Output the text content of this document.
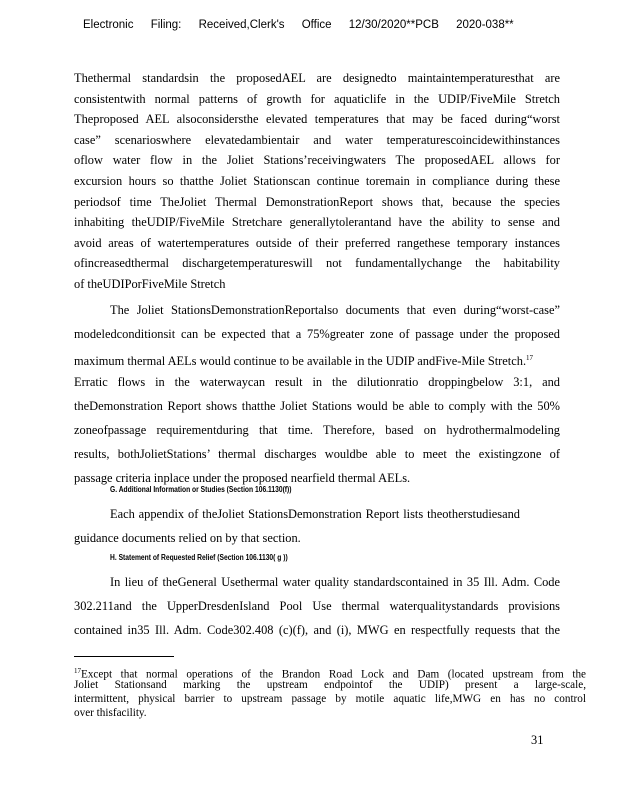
Electronic Filing: Received,Clerk's Office 12/30/2020**PCB 2020-038**
Thethermal standardsin the proposedAEL are designedto maintaintemperaturesthat are
consistentwith normal patterns of growth for aquaticlife in the UDIP/FiveMile Stretch
Theproposed AEL alsoconsidersthe elevated temperatures that may be faced during“worst
case” scenarioswhere elevatedambientair and water temperaturescoincidewithinstances
oflow water flow in the Joliet Stations’receivingwaters The proposedAEL allows for
excursion hours so thatthe Joliet Stationscan continue toremain in compliance during these
periodsof time TheJoliet Thermal DemonstrationReport shows that, because the species
inhabiting theUDIP/FiveMile Stretchare generallytolerantand have the ability to sense and
avoid areas of watertemperatures outside of their preferred rangethese temporary instances
ofincreasedthermal dischargetemperatureswill not fundamentallychange the habitability
of theUDIPorFiveMile Stretch
The Joliet StationsDemonstrationReportalso documents that even during“worst-case”
modeledconditionsit can be expected that a 75%greater zone of passage under the proposed
maximum thermal AELs would continue to be available in the UDIP andFive-Mile Stretch.$^{17}$
Erratic flows in the waterwaycan result in the dilutionratio droppingbelow 3:1, and
theDemonstration Report shows thatthe Joliet Stations would be able to comply with the 50%
zoneofpassage requirementduring that time. Therefore, based on hydrothermalmodeling
results, bothJolietStations’ thermal discharges wouldbe able to meet the existingzone of
passage criteria inplace under the proposed nearfield thermal AELs.
G. Additional Information or Studies (Section 106.1130(f))
Each appendix of theJoliet StationsDemonstration Report lists theotherstudiesand
guidance documents relied on by that section.
H. Statement of Requested Relief (Section 106.1130( g ))
In lieu of theGeneral Usethermal water quality standardscontained in 35 Ill. Adm. Code
302.211and the UpperDresdenIsland Pool Use thermal waterqualitystandards provisions
$^{17}$Except that normal operations of the Brandon Road Lock and Dam (located upstream from the
Joliet Stationsand marking the upstream endpointof the UDIP) present a large-scale,
intermittent, physical barrier to upstream passage by motile aquatic life,MWG en has no control
over thisfacility.
31
contained in35 Ill. Adm. Code302.408 (c)(f), and (i), MWG en respectfully requests that the
